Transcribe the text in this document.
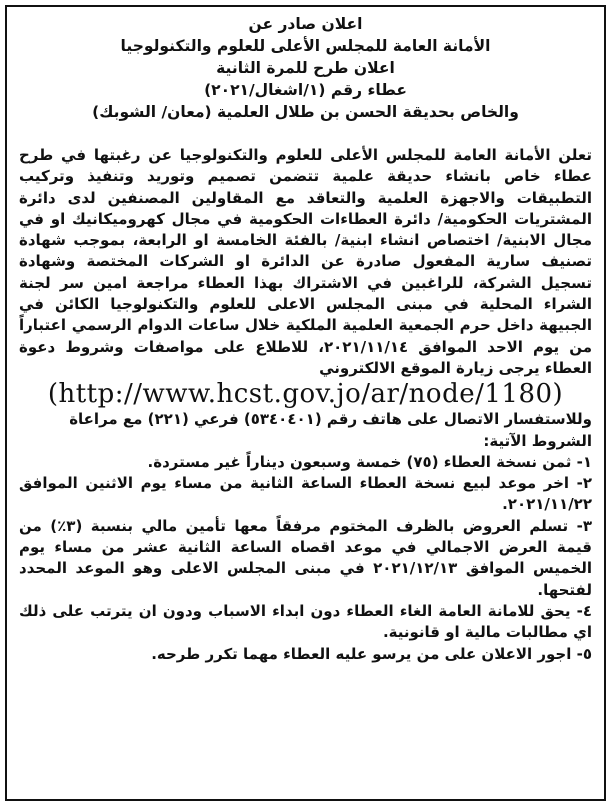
اعلان صادر عن
الأمانة العامة للمجلس الأعلى للعلوم والتكنولوجيا
اعلان طرح للمرة الثانية
عطاء رقم (١/اشغال/٢٠٢١)
والخاص بحديقة الحسن بن طلال العلمية (معان/ الشوبك)

تعلن الأمانة العامة للمجلس الأعلى للعلوم والتكنولوجيا عن رغبتها في طرح عطاء خاص بانشاء حديقة علمية تتضمن تصميم وتوريد وتنفيذ وتركيب التطبيقات والاجهزة العلمية والتعاقد مع المقاولين المصنفين لدى دائرة المشتريات الحكومية/ دائرة العطاءات الحكومية في مجال كهروميكانيك او في مجال الابنية/ اختصاص انشاء ابنية/ بالفئة الخامسة او الرابعة، بموجب شهادة تصنيف سارية المفعول صادرة عن الدائرة او الشركات المختصة وشهادة تسجيل الشركة، للراغبين في الاشتراك بهذا العطاء مراجعة امين سر لجنة الشراء المحلية في مبنى المجلس الاعلى للعلوم والتكنولوجيا الكائن في الجبيهة داخل حرم الجمعية العلمية الملكية خلال ساعات الدوام الرسمي اعتباراً من يوم الاحد الموافق ٢٠٢١/١١/١٤، للاطلاع على مواصفات وشروط دعوة العطاء يرجى زيارة الموقع الالكتروني

(http://www.hcst.gov.jo/ar/node/1180)

وللاستفسار الاتصال على هاتف رقم (٥٣٤٠٤٠١) فرعي (٢٢١) مع مراعاة الشروط الآتية:

١- ثمن نسخة العطاء (٧٥) خمسة وسبعون ديناراً غير مستردة.
٢- اخر موعد لبيع نسخة العطاء الساعة الثانية من مساء يوم الاثنين الموافق ٢٠٢١/١١/٢٢.
٣- تسلم العروض بالظرف المختوم مرفقاً معها تأمين مالي بنسبة (٣٪) من قيمة العرض الاجمالي في موعد اقصاه الساعة الثانية عشر من مساء يوم الخميس الموافق ٢٠٢١/١٢/١٣ في مبنى المجلس الاعلى وهو الموعد المحدد لفتحها.
٤- يحق للامانة العامة الغاء العطاء دون ابداء الاسباب ودون ان يترتب على ذلك اي مطالبات مالية او قانونية.
٥- اجور الاعلان على من يرسو عليه العطاء مهما تكرر طرحه.
